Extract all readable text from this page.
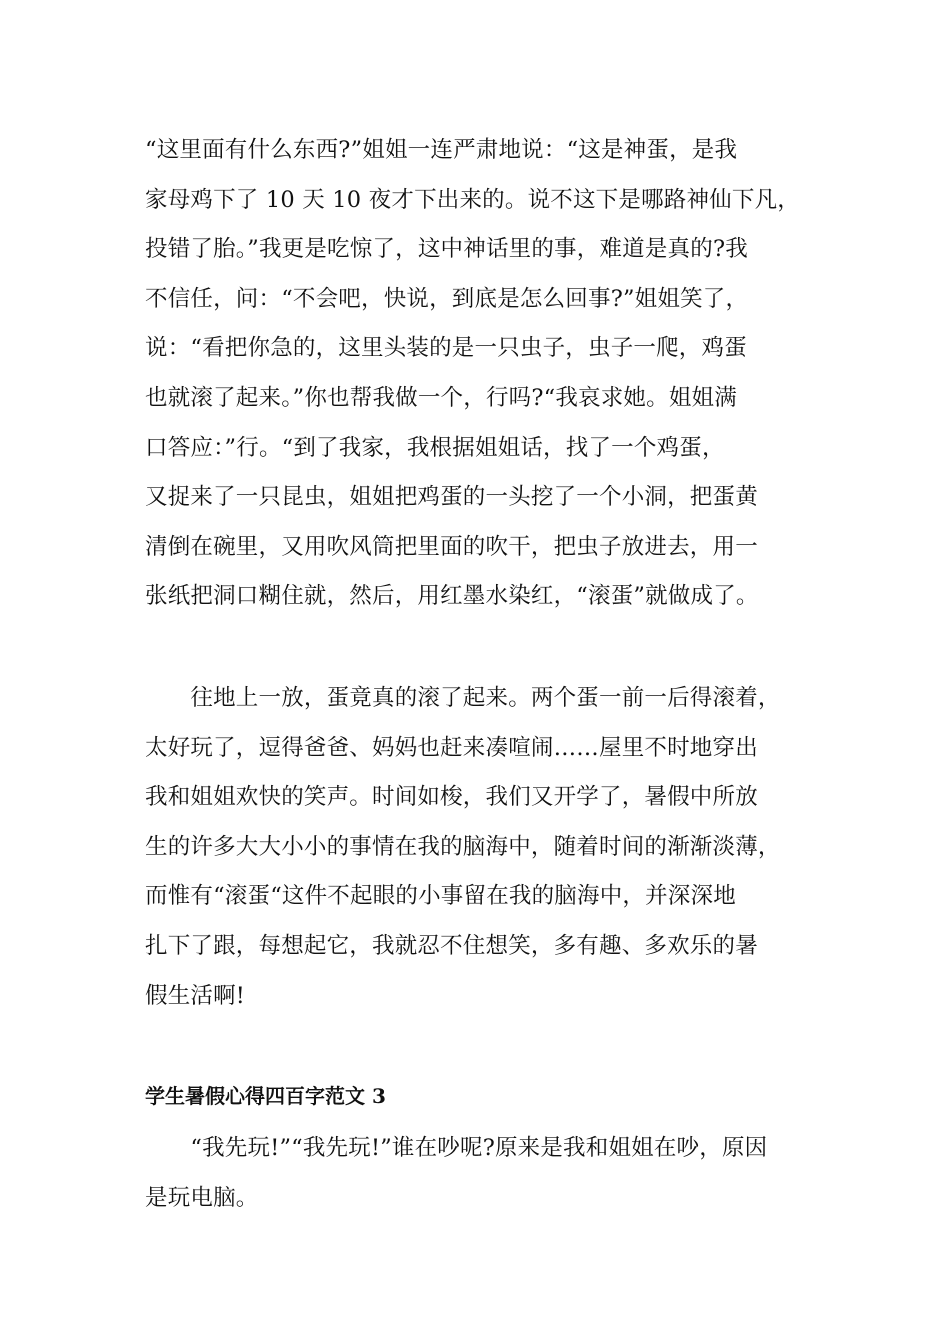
“这里面有什么东西?”姐姐一连严肃地说：“这是神蛋，是我
家母鸡下了 10 天 10 夜才下出来的。说不这下是哪路神仙下凡，
投错了胎。”我更是吃惊了，这中神话里的事，难道是真的?我
不信任，问：“不会吧，快说，到底是怎么回事?”姐姐笑了，
说：“看把你急的，这里头装的是一只虫子，虫子一爬，鸡蛋
也就滚了起来。”你也帮我做一个，行吗?“我哀求她。姐姐满
口答应：”行。“到了我家，我根据姐姐话，找了一个鸡蛋，
又捉来了一只昆虫，姐姐把鸡蛋的一头挖了一个小洞，把蛋黄
清倒在碗里，又用吹风筒把里面的吹干，把虫子放进去，用一
张纸把洞口糊住就，然后，用红墨水染红，“滚蛋”就做成了。

　　往地上一放，蛋竟真的滚了起来。两个蛋一前一后得滚着，
太好玩了，逗得爸爸、妈妈也赶来凑喧闹……屋里不时地穿出
我和姐姐欢快的笑声。时间如梭，我们又开学了，暑假中所放
生的许多大大小小的事情在我的脑海中，随着时间的渐渐淡薄，
而惟有“滚蛋“这件不起眼的小事留在我的脑海中，并深深地
扎下了跟，每想起它，我就忍不住想笑，多有趣、多欢乐的暑
假生活啊!

学生暑假心得四百字范文 3

　　“我先玩!”“我先玩!”谁在吵呢?原来是我和姐姐在吵，原因
是玩电脑。
